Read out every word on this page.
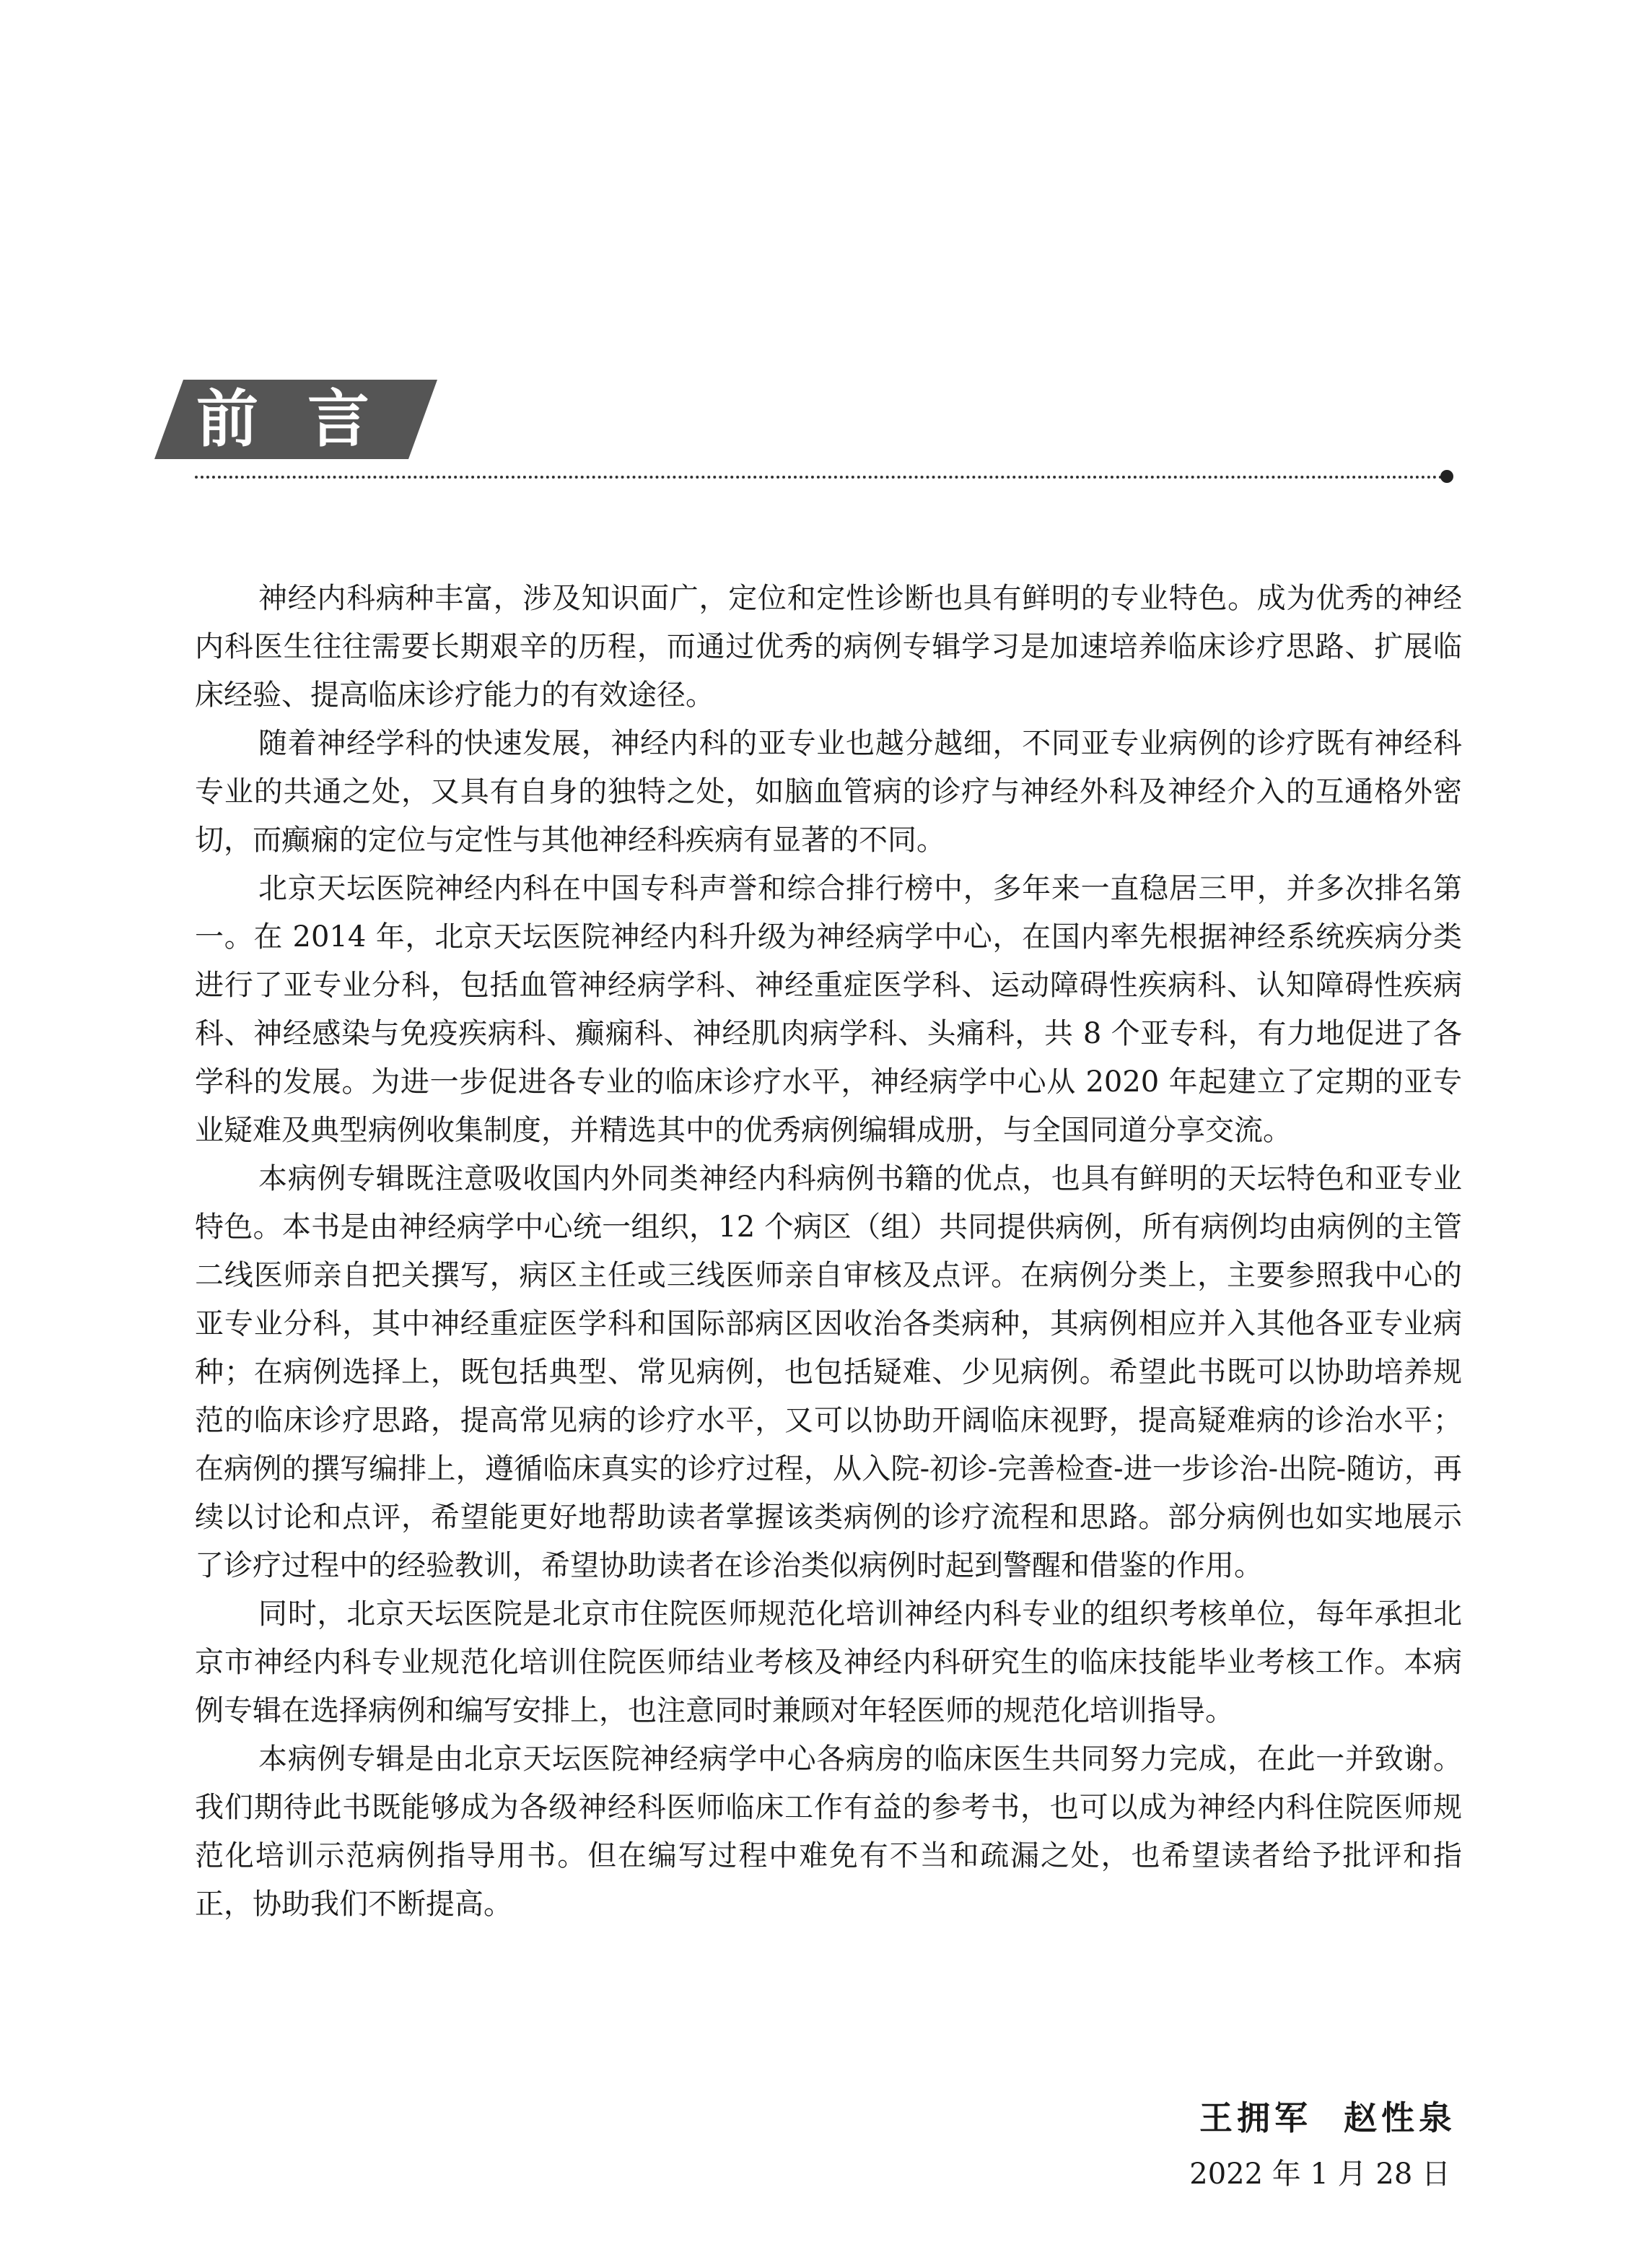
前言

神经内科病种丰富，涉及知识面广，定位和定性诊断也具有鲜明的专业特色。成为优秀的神经内科医生往往需要长期艰辛的历程，而通过优秀的病例专辑学习是加速培养临床诊疗思路、扩展临床经验、提高临床诊疗能力的有效途径。

随着神经学科的快速发展，神经内科的亚专业也越分越细，不同亚专业病例的诊疗既有神经科专业的共通之处，又具有自身的独特之处，如脑血管病的诊疗与神经外科及神经介入的互通格外密切，而癫痫的定位与定性与其他神经科疾病有显著的不同。

北京天坛医院神经内科在中国专科声誉和综合排行榜中，多年来一直稳居三甲，并多次排名第一。在 2014 年，北京天坛医院神经内科升级为神经病学中心，在国内率先根据神经系统疾病分类进行了亚专业分科，包括血管神经病学科、神经重症医学科、运动障碍性疾病科、认知障碍性疾病科、神经感染与免疫疾病科、癫痫科、神经肌肉病学科、头痛科，共 8 个亚专科，有力地促进了各学科的发展。为进一步促进各专业的临床诊疗水平，神经病学中心从 2020 年起建立了定期的亚专业疑难及典型病例收集制度，并精选其中的优秀病例编辑成册，与全国同道分享交流。

本病例专辑既注意吸收国内外同类神经内科病例书籍的优点，也具有鲜明的天坛特色和亚专业特色。本书是由神经病学中心统一组织，12 个病区（组）共同提供病例，所有病例均由病例的主管二线医师亲自把关撰写，病区主任或三线医师亲自审核及点评。在病例分类上，主要参照我中心的亚专业分科，其中神经重症医学科和国际部病区因收治各类病种，其病例相应并入其他各亚专业病种；在病例选择上，既包括典型、常见病例，也包括疑难、少见病例。希望此书既可以协助培养规范的临床诊疗思路，提高常见病的诊疗水平，又可以协助开阔临床视野，提高疑难病的诊治水平；在病例的撰写编排上，遵循临床真实的诊疗过程，从入院-初诊-完善检查-进一步诊治-出院-随访，再续以讨论和点评，希望能更好地帮助读者掌握该类病例的诊疗流程和思路。部分病例也如实地展示了诊疗过程中的经验教训，希望协助读者在诊治类似病例时起到警醒和借鉴的作用。

同时，北京天坛医院是北京市住院医师规范化培训神经内科专业的组织考核单位，每年承担北京市神经内科专业规范化培训住院医师结业考核及神经内科研究生的临床技能毕业考核工作。本病例专辑在选择病例和编写安排上，也注意同时兼顾对年轻医师的规范化培训指导。

本病例专辑是由北京天坛医院神经病学中心各病房的临床医生共同努力完成，在此一并致谢。我们期待此书既能够成为各级神经科医师临床工作有益的参考书，也可以成为神经内科住院医师规范化培训示范病例指导用书。但在编写过程中难免有不当和疏漏之处，也希望读者给予批评和指正，协助我们不断提高。

王拥军  赵性泉
2022 年 1 月 28 日
